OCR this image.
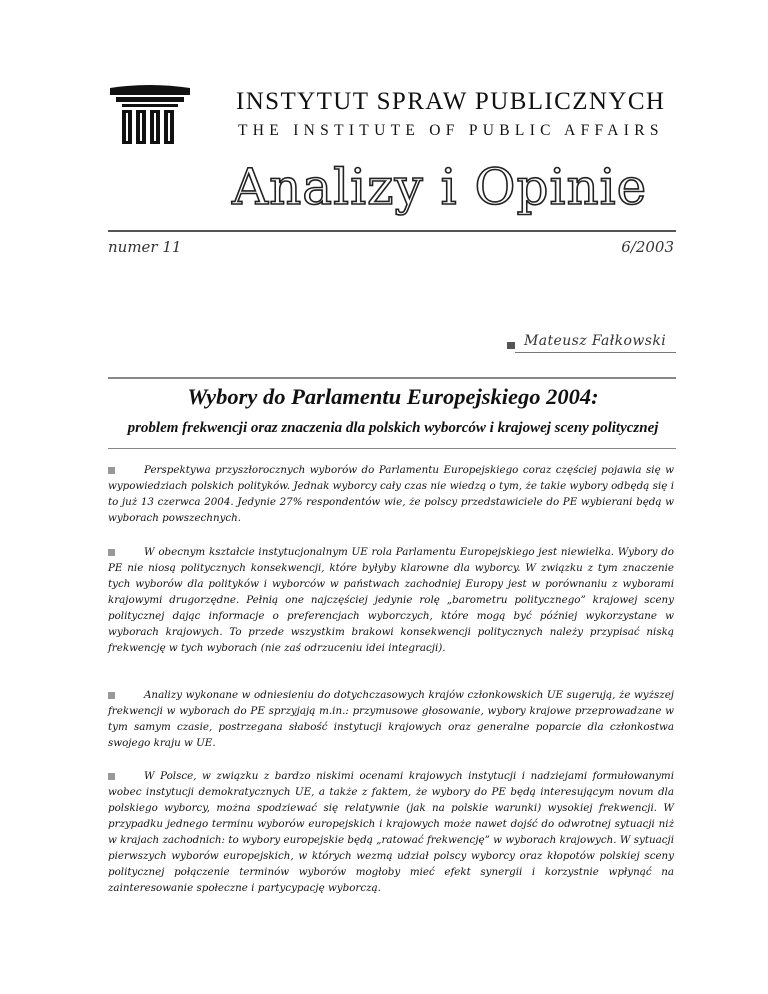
INSTYTUT SPRAW PUBLICZNYCH
THE INSTITUTE OF PUBLIC AFFAIRS
Analizy i Opinie
numer 11	6/2003
Mateusz Fałkowski
Wybory do Parlamentu Europejskiego 2004:
problem frekwencji oraz znaczenia dla polskich wyborców i krajowej sceny politycznej

Perspektywa przyszłorocznych wyborów do Parlamentu Europejskiego coraz częściej pojawia się w wypowiedziach polskich polityków. Jednak wyborcy cały czas nie wiedzą o tym, że takie wybory odbędą się i to już 13 czerwca 2004. Jedynie 27% respondentów wie, że polscy przedstawiciele do PE wybierani będą w wyborach powszechnych.

W obecnym kształcie instytucjonalnym UE rola Parlamentu Europejskiego jest niewielka. Wybory do PE nie niosą politycznych konsekwencji, które byłyby klarowne dla wyborcy. W związku z tym znaczenie tych wyborów dla polityków i wyborców w państwach zachodniej Europy jest w porównaniu z wyborami krajowymi drugorzędne. Pełnią one najczęściej jedynie rolę „barometru politycznego” krajowej sceny politycznej dając informacje o preferencjach wyborczych, które mogą być później wykorzystane w wyborach krajowych. To przede wszystkim brakowi konsekwencji politycznych należy przypisać niską frekwencję w tych wyborach (nie zaś odrzuceniu idei integracji).

Analizy wykonane w odniesieniu do dotychczasowych krajów członkowskich UE sugerują, że wyższej frekwencji w wyborach do PE sprzyjają m.in.: przymusowe głosowanie, wybory krajowe przeprowadzane w tym samym czasie, postrzegana słabość instytucji krajowych oraz generalne poparcie dla członkostwa swojego kraju w UE.

W Polsce, w związku z bardzo niskimi ocenami krajowych instytucji i nadziejami formułowanymi wobec instytucji demokratycznych UE, a także z faktem, że wybory do PE będą interesującym novum dla polskiego wyborcy, można spodziewać się relatywnie (jak na polskie warunki) wysokiej frekwencji. W przypadku jednego terminu wyborów europejskich i krajowych może nawet dojść do odwrotnej sytuacji niż w krajach zachodnich: to wybory europejskie będą „ratować frekwencję” w wyborach krajowych. W sytuacji pierwszych wyborów europejskich, w których wezmą udział polscy wyborcy oraz kłopotów polskiej sceny politycznej połączenie terminów wyborów mogłoby mieć efekt synergii i korzystnie wpłynąć na zainteresowanie społeczne i partycypację wyborczą.
